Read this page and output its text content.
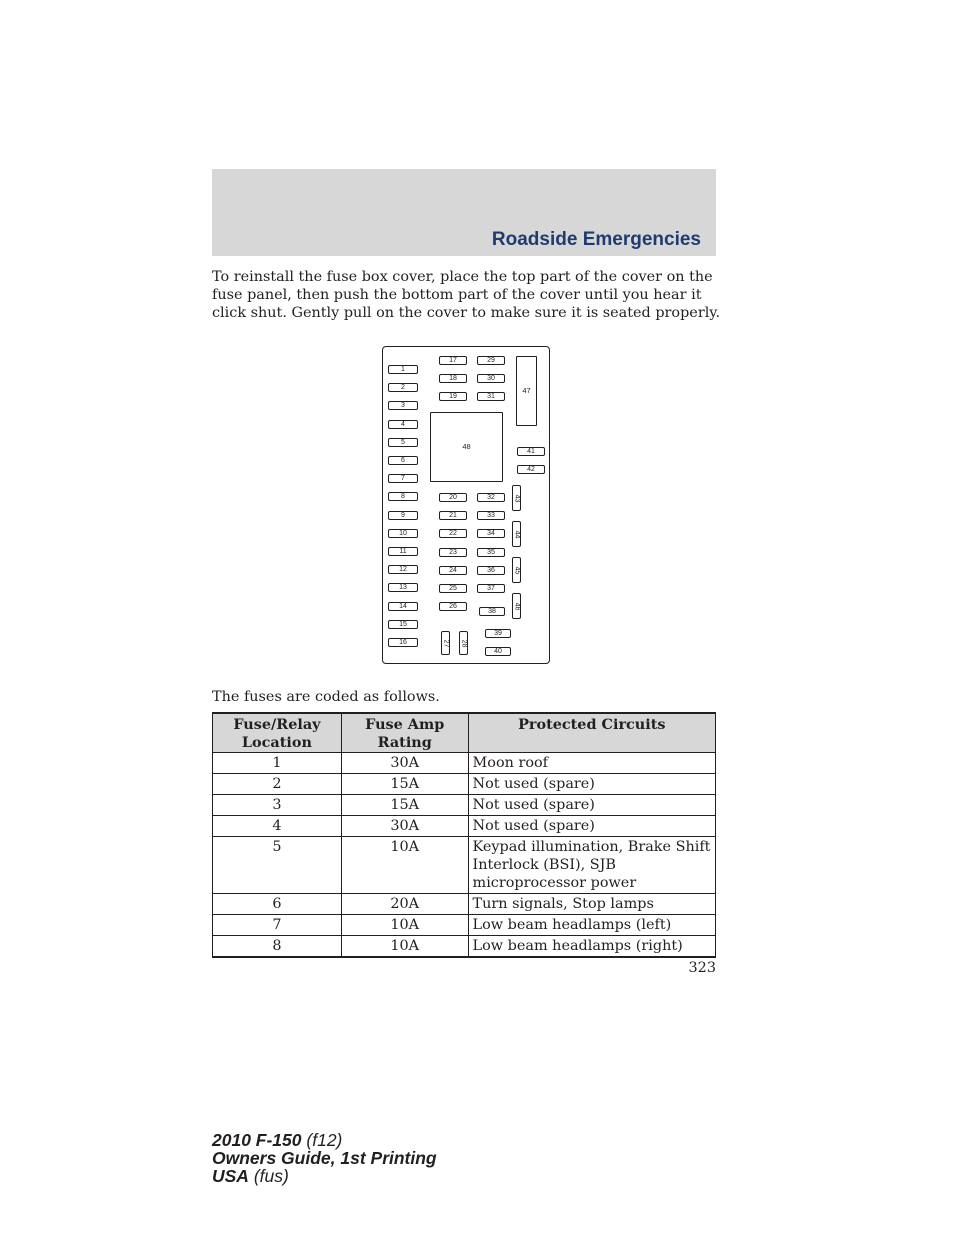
Roadside Emergencies

To reinstall the fuse box cover, place the top part of the cover on the fuse panel, then push the bottom part of the cover until you hear it click shut. Gently pull on the cover to make sure it is seated properly.

1
2
3
4
5
6
7
8
9
10
11
12
13
14
15
16
17
18
19
20
21
22
23
24
25
26
27 28
29
30
31
32
33
34
35
36
37
38
39
40
41
42
43
44
45
46
47
48

The fuses are coded as follows.

Fuse/Relay Location	Fuse Amp Rating	Protected Circuits
1	30A	Moon roof
2	15A	Not used (spare)
3	15A	Not used (spare)
4	30A	Not used (spare)
5	10A	Keypad illumination, Brake Shift Interlock (BSI), SJB microprocessor power
6	20A	Turn signals, Stop lamps
7	10A	Low beam headlamps (left)
8	10A	Low beam headlamps (right)
323
2010 F-150 (f12)
Owners Guide, 1st Printing
USA (fus)
